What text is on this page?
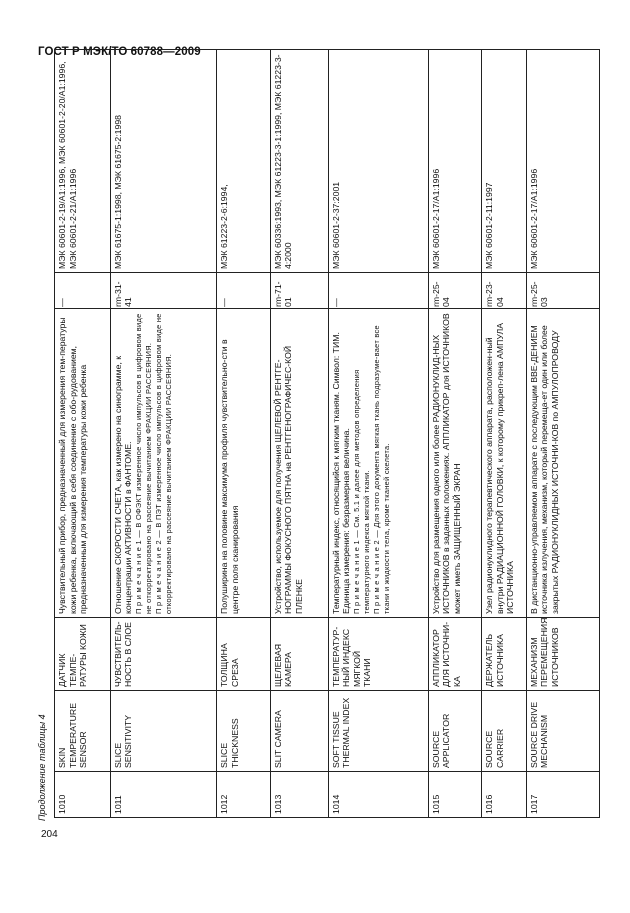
ГОСТ Р МЭК/ТО 60788—2009
Продолжение таблицы 4 1010	SKIN TEMPERATURE SENSOR	ДАТЧИК ТЕМПЕ-РАТУРЫ КОЖИ	Чувствительный прибор, предназначенный для измерения тем-пературы кожи ребенка, включающий в себя соединение с обо-рудованием, предназначенным для измерения температуры кожи ребенка	—	МЭК 60601-2-19/А1:1996, МЭК 60601-2-20/А1:1996, МЭК 60601-2-21/А1:1996
1011	SLICE SENSITIVITY	ЧУВСТВИТЕЛЬ-НОСТЬ В СЛОЕ	Отношение СКОРОСТИ СЧЕТА, как измерено на синограмме, к концентрации АКТИВНОСТИ в ФАНТОМЕ. П р и м е ч а н и е 1 — В ОФЭКТ измеренное число импульсов в цифровом виде не откорректировано на рассеяние вычитанием ФРАКЦИИ РАССЕЯНИЯ. П р и м е ч а н и е 2 — В ПЭТ измеренное число импульсов в цифровом виде не откорректировано на рассеяние вычитанием ФРАКЦИИ РАССЕЯНИЯ.	rm-31-41	МЭК 61675-1:1998, МЭК 61675-2:1998
1012	SLICE THICKNESS	ТОЛЩИНА СРЕЗА	Полуширина на половине максимума профиля чувствительно-сти в центре поля сканирования	—	МЭК 61223-2-6:1994,
1013	SLIT CAMERA	ЩЕЛЕВАЯ КАМЕРА	Устройство, используемое для получения ЩЕЛЕВОЙ РЕНТГЕ-НОГРАММЫ ФОКУСНОГО ПЯТНА на РЕНТГЕНОГРАФИЧЕС-КОЙ ПЛЕНКЕ	rm-71-01	МЭК 60336:1993, МЭК 61223-3-1:1999, МЭК 61223-3-4:2000
1014	SOFT TISSUE THERMAL INDEX	ТЕМПЕРАТУР-НЫЙ ИНДЕКС МЯГКОЙ ТКАНИ	Температурный индекс, относящийся к мягким тканям. Символ: ТИМ. Единица измерения: безразмерная величина. П р и м е ч а н и е 1 — См. 5.1 и далее для методов определения температурного индекса мягкой ткани. П р и м е ч а н и е 2 — Для этого документа мягкая ткань подразуме-вает все ткани и жидкости тела, кроме тканей скелета.	—	МЭК 60601-2-37:2001
1015	SOURCE APPLICATOR	АППЛИКАТОР ДЛЯ ИСТОЧНИ-КА	Устройство для размещения одного или более РАДИОНУКЛИД-НЫХ ИСТОЧНИКОВ в заданных положениях. АППЛИКАТОР для ИСТОЧНИКОВ может иметь ЗАЩИЩЕННЫЙ ЭКРАН	rm-25-04	МЭК 60601-2-17/А1:1996
1016	SOURCE CARRIER	ДЕРЖАТЕЛЬ ИСТОЧНИКА	Узел радионуклидного терапевтического аппарата, расположен-ный внутри РАДИАЦИОННОЙ ГОЛОВКИ, к которому прикреп-лена АМПУЛА ИСТОЧНИКА	rm-23-04	МЭК 60601-2-11:1997
1017	SOURCE DRIVE MECHANISM	МЕХАНИЗМ ПЕРЕМЕЩЕНИЯ ИСТОЧНИКОВ	В дистанционно-управляемом аппарате с последующим ВВЕ-ДЕНИЕМ источника излучения, механизм, который перемеща-ет один или более закрытых РАДИОНУКЛИДНЫХ ИСТОЧНИ-КОВ по АМПУЛОПРОВОДУ	rm-25-03	МЭК 60601-2-17/А1:1996
204
